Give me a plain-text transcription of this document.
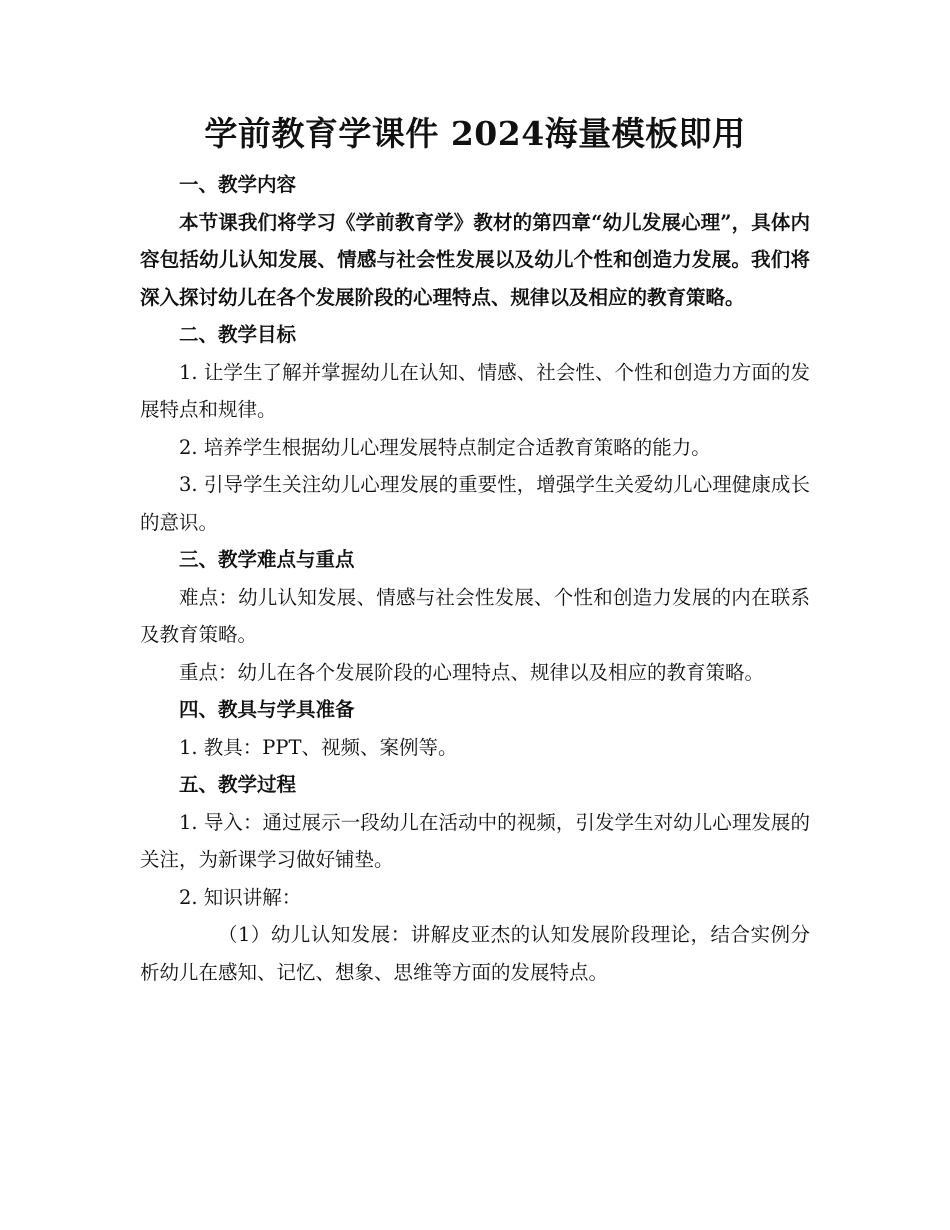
学前教育学课件 2024海量模板即用

一、教学内容

本节课我们将学习《学前教育学》教材的第四章“幼儿发展心理”，具体内容包括幼儿认知发展、情感与社会性发展以及幼儿个性和创造力发展。我们将深入探讨幼儿在各个发展阶段的心理特点、规律以及相应的教育策略。

二、教学目标

1. 让学生了解并掌握幼儿在认知、情感、社会性、个性和创造力方面的发展特点和规律。

2. 培养学生根据幼儿心理发展特点制定合适教育策略的能力。

3. 引导学生关注幼儿心理发展的重要性，增强学生关爱幼儿心理健康成长的意识。

三、教学难点与重点

难点：幼儿认知发展、情感与社会性发展、个性和创造力发展的内在联系及教育策略。

重点：幼儿在各个发展阶段的心理特点、规律以及相应的教育策略。

四、教具与学具准备

1. 教具：PPT、视频、案例等。

五、教学过程

1. 导入：通过展示一段幼儿在活动中的视频，引发学生对幼儿心理发展的关注，为新课学习做好铺垫。

2. 知识讲解：

（1）幼儿认知发展：讲解皮亚杰的认知发展阶段理论，结合实例分析幼儿在感知、记忆、想象、思维等方面的发展特点。
